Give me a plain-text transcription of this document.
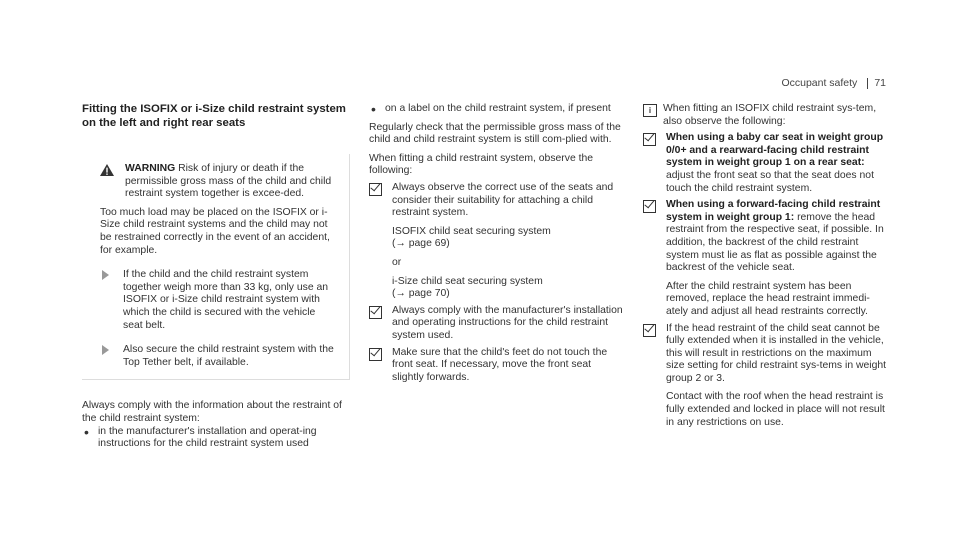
Occupant safety	71
Fitting the ISOFIX or i-Size child restraint system
on the left and right rear seats
WARNING Risk of injury or death if the permissible gross mass of the child and child restraint system together is excee-ded.

Too much load may be placed on the ISOFIX or i-Size child restraint systems and the child may not be restrained correctly in the event of an accident, for example.

If the child and the child restraint system together weigh more than 33 kg, only use an ISOFIX or i-Size child restraint system with which the child is secured with the vehicle seat belt.
Also secure the child restraint system with the Top Tether belt, if available.

Always comply with the information about the restraint of the child restraint system:

• in the manufacturer's installation and operat-ing instructions for the child restraint system used
• on a label on the child restraint system, if present

Regularly check that the permissible gross mass of the child and child restraint system is still com-plied with.

When fitting a child restraint system, observe the following:

Always observe the correct use of the seats and consider their suitability for attaching a child restraint system.

ISOFIX child seat securing system

(→ page 69)

or

i-Size child seat securing system

(→ page 70)

Always comply with the manufacturer's installation and operating instructions for the child restraint system used.
Make sure that the child's feet do not touch the front seat. If necessary, move the front seat slightly forwards.
i	When fitting an ISOFIX child restraint sys-tem, also observe the following:
When using a baby car seat in weight group 0/0+ and a rearward-facing child restraint system in weight group 1 on a rear seat: adjust the front seat so that the seat does not touch the child restraint system.
When using a forward-facing child restraint system in weight group 1: remove the head restraint from the respective seat, if possible. In addition, the backrest of the child restraint system must lie as flat as possible against the backrest of the vehicle seat.

After the child restraint system has been removed, replace the head restraint immedi-ately and adjust all head restraints correctly.

If the head restraint of the child seat cannot be fully extended when it is installed in the vehicle, this will result in restrictions on the maximum size setting for child restraint sys-tems in weight group 2 or 3.

Contact with the roof when the head restraint is fully extended and locked in place will not result in any restrictions on use.
